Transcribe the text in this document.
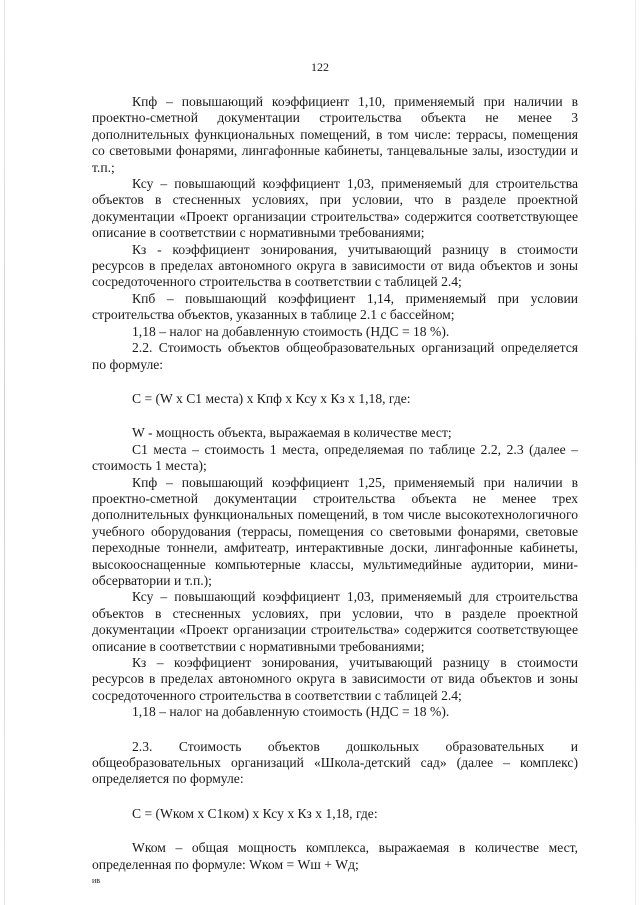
122

Кпф – повышающий коэффициент 1,10, применяемый при наличии в проектно-сметной документации строительства объекта не менее 3 дополнительных функциональных помещений, в том числе: террасы, помещения со световыми фонарями, лингафонные кабинеты, танцевальные залы, изостудии и т.п.;

Ксу – повышающий коэффициент 1,03, применяемый для строительства объектов в стесненных условиях, при условии, что в разделе проектной документации «Проект организации строительства» содержится соответствующее описание в соответствии с нормативными требованиями;

Кз - коэффициент зонирования, учитывающий разницу в стоимости ресурсов в пределах автономного округа в зависимости от вида объектов и зоны сосредоточенного строительства в соответствии с таблицей 2.4;

Кпб – повышающий коэффициент 1,14, применяемый при условии строительства объектов, указанных в таблице 2.1 с бассейном;

1,18 – налог на добавленную стоимость (НДС = 18 %).

2.2. Стоимость объектов общеобразовательных организаций определяется по формуле:

С = (W х С1 места) х Кпф х Ксу х Кз х 1,18, где:

W - мощность объекта, выражаемая в количестве мест;

С1 места – стоимость 1 места, определяемая по таблице 2.2, 2.3 (далее – стоимость 1 места);

Кпф – повышающий коэффициент 1,25, применяемый при наличии в проектно-сметной документации строительства объекта не менее трех дополнительных функциональных помещений, в том числе высокотехнологичного учебного оборудования (террасы, помещения со световыми фонарями, световые переходные тоннели, амфитеатр, интерактивные доски, лингафонные кабинеты, высокооснащенные компьютерные классы, мультимедийные аудитории, мини-обсерватории и т.п.);

Ксу – повышающий коэффициент 1,03, применяемый для строительства объектов в стесненных условиях, при условии, что в разделе проектной документации «Проект организации строительства» содержится соответствующее описание в соответствии с нормативными требованиями;

Кз – коэффициент зонирования, учитывающий разницу в стоимости ресурсов в пределах автономного округа в зависимости от вида объектов и зоны сосредоточенного строительства в соответствии с таблицей 2.4;

1,18 – налог на добавленную стоимость (НДС = 18 %).

2.3. Стоимость объектов дошкольных образовательных и общеобразовательных организаций «Школа-детский сад» (далее – комплекс) определяется по формуле:

С = (Wком х С1ком) х Ксу х Кз х 1,18, где:

Wком – общая мощность комплекса, выражаемая в количестве мест, определенная по формуле: Wком = Wш + Wд;

ив
